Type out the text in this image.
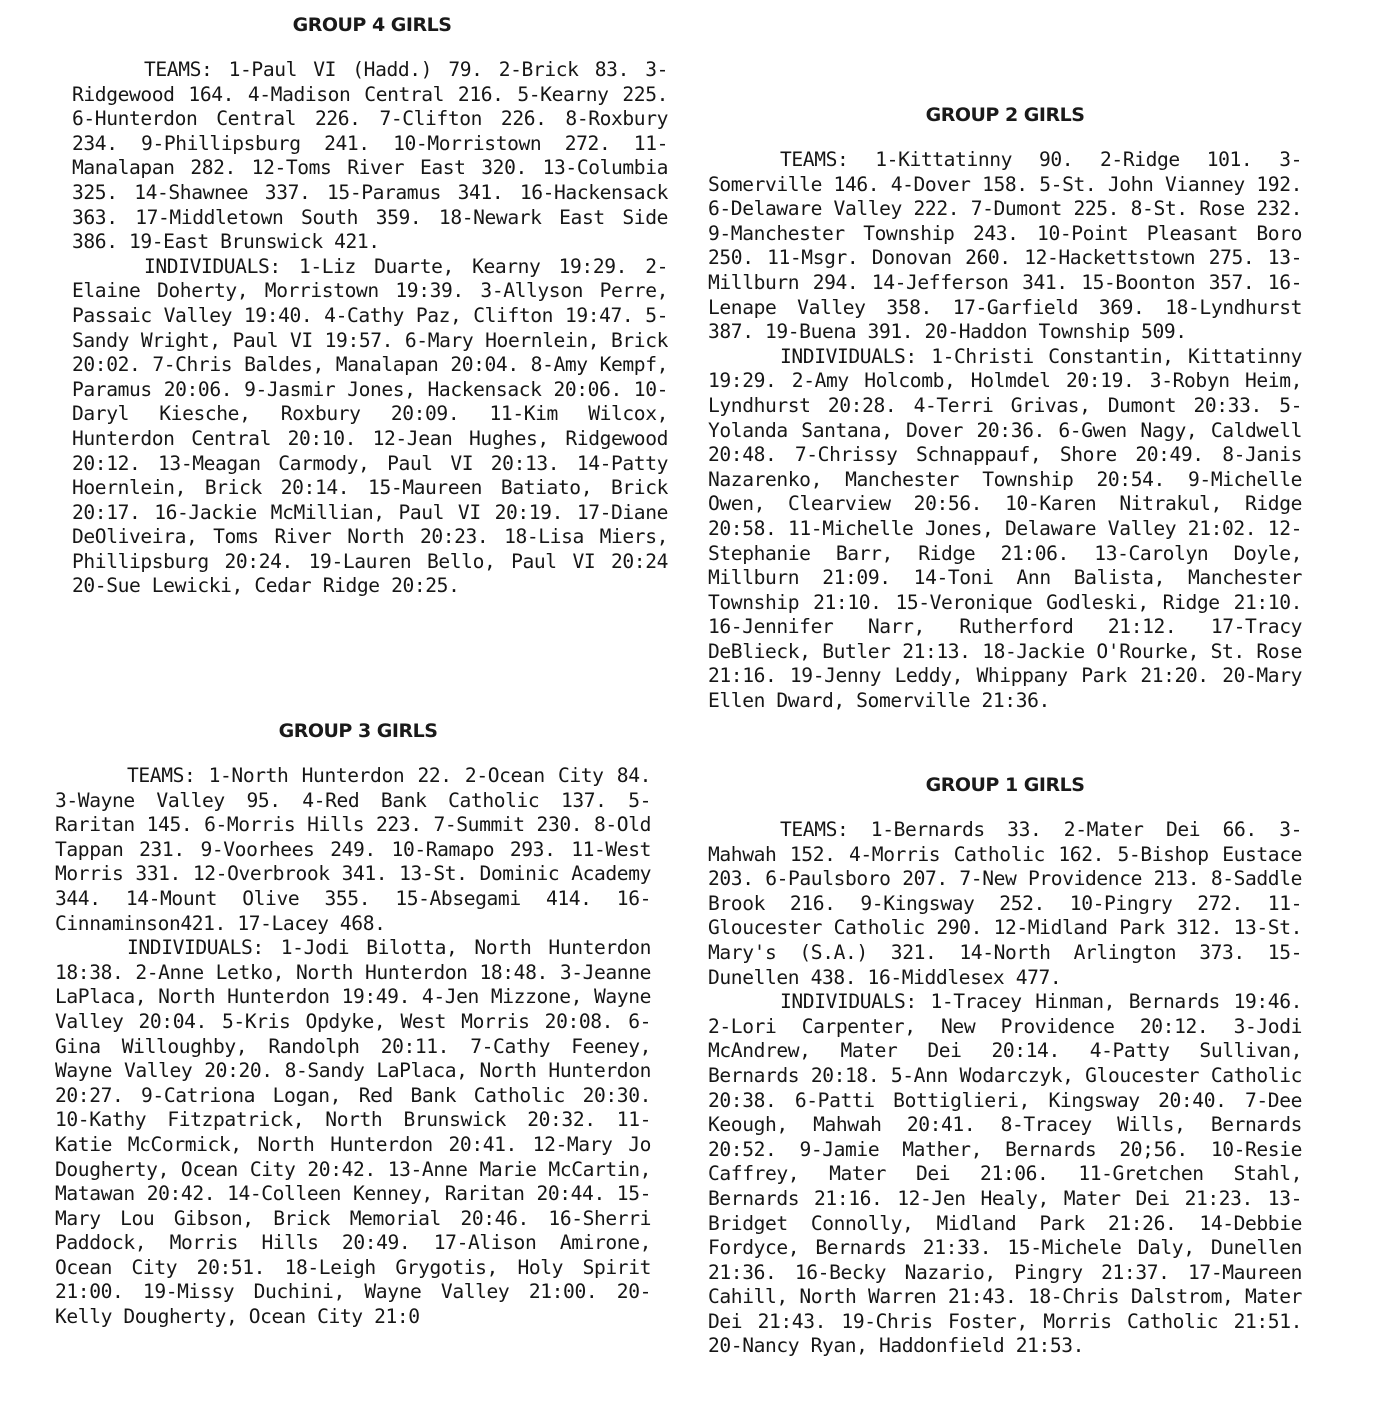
GROUP 4 GIRLS

TEAMS: 1-Paul VI (Hadd.) 79. 2-Brick 83. 3-Ridgewood 164. 4-Madison Central 216. 5-Kearny 225. 6-Hunterdon Central 226. 7-Clifton 226. 8-Roxbury 234. 9-Phillipsburg 241. 10-Morristown 272. 11-Manalapan 282. 12-Toms River East 320. 13-Columbia 325. 14-Shawnee 337. 15-Paramus 341. 16-Hackensack 363. 17-Middletown South 359. 18-Newark East Side 386. 19-East Brunswick 421.

INDIVIDUALS: 1-Liz Duarte, Kearny 19:29. 2-Elaine Doherty, Morristown 19:39. 3-Allyson Perre, Passaic Valley 19:40. 4-Cathy Paz, Clifton 19:47. 5-Sandy Wright, Paul VI 19:57. 6-Mary Hoernlein, Brick 20:02. 7-Chris Baldes, Manalapan 20:04. 8-Amy Kempf, Paramus 20:06. 9-Jasmir Jones, Hackensack 20:06. 10-Daryl Kiesche, Roxbury 20:09. 11-Kim Wilcox, Hunterdon Central 20:10. 12-Jean Hughes, Ridgewood 20:12. 13-Meagan Carmody, Paul VI 20:13. 14-Patty Hoernlein, Brick 20:14. 15-Maureen Batiato, Brick 20:17. 16-Jackie McMillian, Paul VI 20:19. 17-Diane DeOliveira, Toms River North 20:23. 18-Lisa Miers, Phillipsburg 20:24. 19-Lauren Bello, Paul VI 20:24 20-Sue Lewicki, Cedar Ridge 20:25.

GROUP 3 GIRLS

TEAMS: 1-North Hunterdon 22. 2-Ocean City 84. 3-Wayne Valley 95. 4-Red Bank Catholic 137. 5-Raritan 145. 6-Morris Hills 223. 7-Summit 230. 8-Old Tappan 231. 9-Voorhees 249. 10-Ramapo 293. 11-West Morris 331. 12-Overbrook 341. 13-St. Dominic Academy 344. 14-Mount Olive 355. 15-Absegami 414. 16-Cinnaminson421. 17-Lacey 468.

INDIVIDUALS: 1-Jodi Bilotta, North Hunterdon 18:38. 2-Anne Letko, North Hunterdon 18:48. 3-Jeanne LaPlaca, North Hunterdon 19:49. 4-Jen Mizzone, Wayne Valley 20:04. 5-Kris Opdyke, West Morris 20:08. 6-Gina Willoughby, Randolph 20:11. 7-Cathy Feeney, Wayne Valley 20:20. 8-Sandy LaPlaca, North Hunterdon 20:27. 9-Catriona Logan, Red Bank Catholic 20:30. 10-Kathy Fitzpatrick, North Brunswick 20:32. 11-Katie McCormick, North Hunterdon 20:41. 12-Mary Jo Dougherty, Ocean City 20:42. 13-Anne Marie McCartin, Matawan 20:42. 14-Colleen Kenney, Raritan 20:44. 15-Mary Lou Gibson, Brick Memorial 20:46. 16-Sherri Paddock, Morris Hills 20:49. 17-Alison Amirone, Ocean City 20:51. 18-Leigh Grygotis, Holy Spirit 21:00. 19-Missy Duchini, Wayne Valley 21:00. 20-Kelly Dougherty, Ocean City 21:0

GROUP 2 GIRLS

TEAMS: 1-Kittatinny 90. 2-Ridge 101. 3-Somerville 146. 4-Dover 158. 5-St. John Vianney 192. 6-Delaware Valley 222. 7-Dumont 225. 8-St. Rose 232. 9-Manchester Township 243. 10-Point Pleasant Boro 250. 11-Msgr. Donovan 260. 12-Hackettstown 275. 13-Millburn 294. 14-Jefferson 341. 15-Boonton 357. 16-Lenape Valley 358. 17-Garfield 369. 18-Lyndhurst 387. 19-Buena 391. 20-Haddon Township 509.

INDIVIDUALS: 1-Christi Constantin, Kittatinny 19:29. 2-Amy Holcomb, Holmdel 20:19. 3-Robyn Heim, Lyndhurst 20:28. 4-Terri Grivas, Dumont 20:33. 5-Yolanda Santana, Dover 20:36. 6-Gwen Nagy, Caldwell 20:48. 7-Chrissy Schnappauf, Shore 20:49. 8-Janis Nazarenko, Manchester Township 20:54. 9-Michelle Owen, Clearview 20:56. 10-Karen Nitrakul, Ridge 20:58. 11-Michelle Jones, Delaware Valley 21:02. 12-Stephanie Barr, Ridge 21:06. 13-Carolyn Doyle, Millburn 21:09. 14-Toni Ann Balista, Manchester Township 21:10. 15-Veronique Godleski, Ridge 21:10. 16-Jennifer Narr, Rutherford 21:12. 17-Tracy DeBlieck, Butler 21:13. 18-Jackie O'Rourke, St. Rose 21:16. 19-Jenny Leddy, Whippany Park 21:20. 20-Mary Ellen Dward, Somerville 21:36.

GROUP 1 GIRLS

TEAMS: 1-Bernards 33. 2-Mater Dei 66. 3-Mahwah 152. 4-Morris Catholic 162. 5-Bishop Eustace 203. 6-Paulsboro 207. 7-New Providence 213. 8-Saddle Brook 216. 9-Kingsway 252. 10-Pingry 272. 11-Gloucester Catholic 290. 12-Midland Park 312. 13-St. Mary's (S.A.) 321. 14-North Arlington 373. 15-Dunellen 438. 16-Middlesex 477.

INDIVIDUALS: 1-Tracey Hinman, Bernards 19:46. 2-Lori Carpenter, New Providence 20:12. 3-Jodi McAndrew, Mater Dei 20:14. 4-Patty Sullivan, Bernards 20:18. 5-Ann Wodarczyk, Gloucester Catholic 20:38. 6-Patti Bottiglieri, Kingsway 20:40. 7-Dee Keough, Mahwah 20:41. 8-Tracey Wills, Bernards 20:52. 9-Jamie Mather, Bernards 20;56. 10-Resie Caffrey, Mater Dei 21:06. 11-Gretchen Stahl, Bernards 21:16. 12-Jen Healy, Mater Dei 21:23. 13-Bridget Connolly, Midland Park 21:26. 14-Debbie Fordyce, Bernards 21:33. 15-Michele Daly, Dunellen 21:36. 16-Becky Nazario, Pingry 21:37. 17-Maureen Cahill, North Warren 21:43. 18-Chris Dalstrom, Mater Dei 21:43. 19-Chris Foster, Morris Catholic 21:51. 20-Nancy Ryan, Haddonfield 21:53.
